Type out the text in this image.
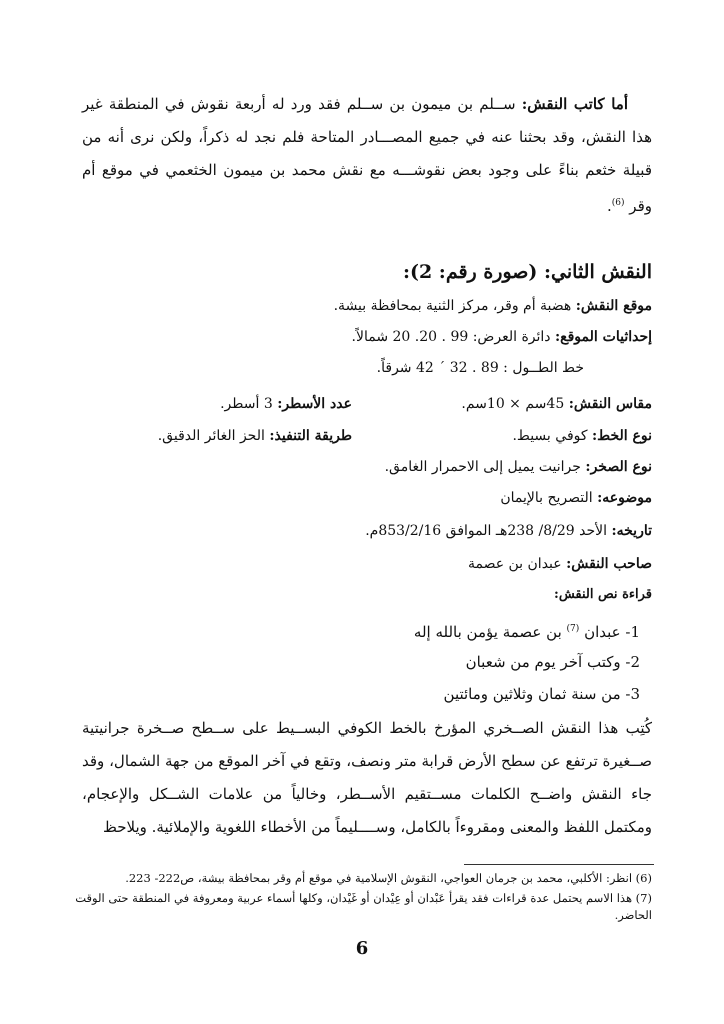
أما كاتب النقش: ســلم بن ميمون بن ســلم فقد ورد له أربعة نقوش في المنطقة غير هذا النقش، وقد بحثنا عنه في جميع المصـــادر المتاحة فلم نجد له ذكراً، ولكن نرى أنه من قبيلة خثعم بناءً على وجود بعض نقوشـــه مع نقش محمد بن ميمون الخثعمي في موقع أم وقر $^{(6)}$.
النقش الثاني: (صورة رقم: 2):
موقع النقش: هضبة أم وقر، مركز الثنية بمحافظة بيشة.
إحداثيات الموقع: دائرة العرض: 99 . 20. 20 شمالاً.
خط الطــول : 89 . 32 ´ 42 شرقاً.
مقاس النقش: 45سم × 10سم.
عدد الأسطر: 3 أسطر.
نوع الخط: كوفي بسيط.
طريقة التنفيذ: الحز الغائر الدقيق.
نوع الصخر: جرانيت يميل إلى الاحمرار الغامق.
موضوعه: التصريح بالإيمان
تاريخه: الأحد 8/29/ 238هـ الموافق 853/2/16م.
صاحب النقش: عبدان بن عصمة
قراءة نص النقش:
1- عبدان $^{(7)}$ بن عصمة يؤمن بالله إله
2- وكتب آخر يوم من شعبان
3- من سنة ثمان وثلاثين ومائتين
كُتِب هذا النقش الصــخري المؤرخ بالخط الكوفي البســيط على ســطح صــخرة جرانيتية صــغيرة ترتفع عن سطح الأرض قرابة متر ونصف، وتقع في آخر الموقع من جهة الشمال، وقد جاء النقش واضــح الكلمات مســتقيم الأســطر، وخالياً من علامات الشــكل والإعجام، ومكتمل اللفظ والمعنى ومقروءاً بالكامل، وســــليماً من الأخطاء اللغوية والإملائية. ويلاحظ
(6) انظر: الأكلبي، محمد بن جرمان العواجي، النقوش الإسلامية في موقع أم وقر بمحافظة بيشة، ص222- 223.
(7) هذا الاسم يحتمل عدة قراءات فقد يقرأ عَبْدان أو عِيْدان أو غَيْدان، وكلها أسماء عربية ومعروفة في المنطقة حتى الوقت الحاضر.
6
